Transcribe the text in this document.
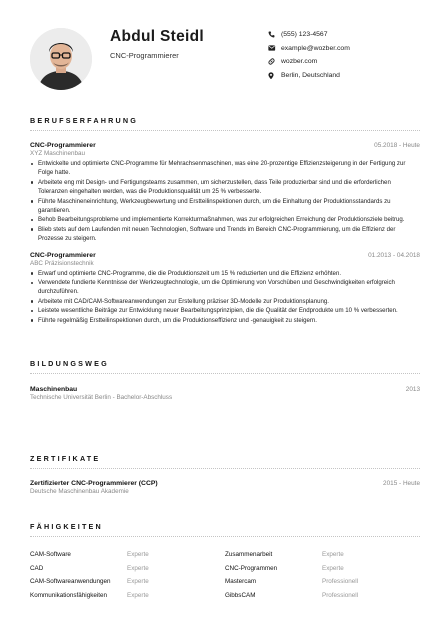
Abdul Steidl
CNC-Programmierer
(555) 123-4567
example@wozber.com
wozber.com
Berlin, Deutschland
BERUFSERFAHRUNG
CNC-Programmierer	05.2018 - Heute
XYZ Maschinenbau
Entwickelte und optimierte CNC-Programme für Mehrachsenmaschinen, was eine 20-prozentige Effizienzsteigerung in der Fertigung zur Folge hatte.
Arbeitete eng mit Design- und Fertigungsteams zusammen, um sicherzustellen, dass Teile produzierbar sind und die erforderlichen Toleranzen eingehalten werden, was die Produktionsqualität um 25 % verbesserte.
Führte Maschineneinrichtung, Werkzeugbewertung und Erstteilinspektionen durch, um die Einhaltung der Produktionsstandards zu garantieren.
Behob Bearbeitungsprobleme und implementierte Korrekturmaßnahmen, was zur erfolgreichen Erreichung der Produktionsziele beitrug.
Blieb stets auf dem Laufenden mit neuen Technologien, Software und Trends im Bereich CNC-Programmierung, um die Effizienz der Prozesse zu steigern.
CNC-Programmierer	01.2013 - 04.2018
ABC Präzisionstechnik
Erwarf und optimierte CNC-Programme, die die Produktionszeit um 15 % reduzierten und die Effizienz erhöhten.
Verwendete fundierte Kenntnisse der Werkzeugtechnologie, um die Optimierung von Vorschüben und Geschwindigkeiten erfolgreich durchzuführen.
Arbeitete mit CAD/CAM-Softwareanwendungen zur Erstellung präziser 3D-Modelle zur Produktionsplanung.
Leistete wesentliche Beiträge zur Entwicklung neuer Bearbeitungsprinzipien, die die Qualität der Endprodukte um 10 % verbesserten.
Führte regelmäßig Erstteilinspektionen durch, um die Produktionseffizienz und -genauigkeit zu steigern.
BILDUNGSWEG
Maschinenbau	2013
Technische Universität Berlin - Bachelor-Abschluss
ZERTIFIKATE
Zertifizierter CNC-Programmierer (CCP)	2015 - Heute
Deutsche Maschinenbau Akademie
FÄHIGKEITEN
CAM-Software	Experte
CAD	Experte
CAM-Softwareanwendungen	Experte
Kommunikationsfähigkeiten	Experte
Zusammenarbeit	Experte
CNC-Programmen	Experte
Mastercam	Professionell
GibbsCAM	Professionell
